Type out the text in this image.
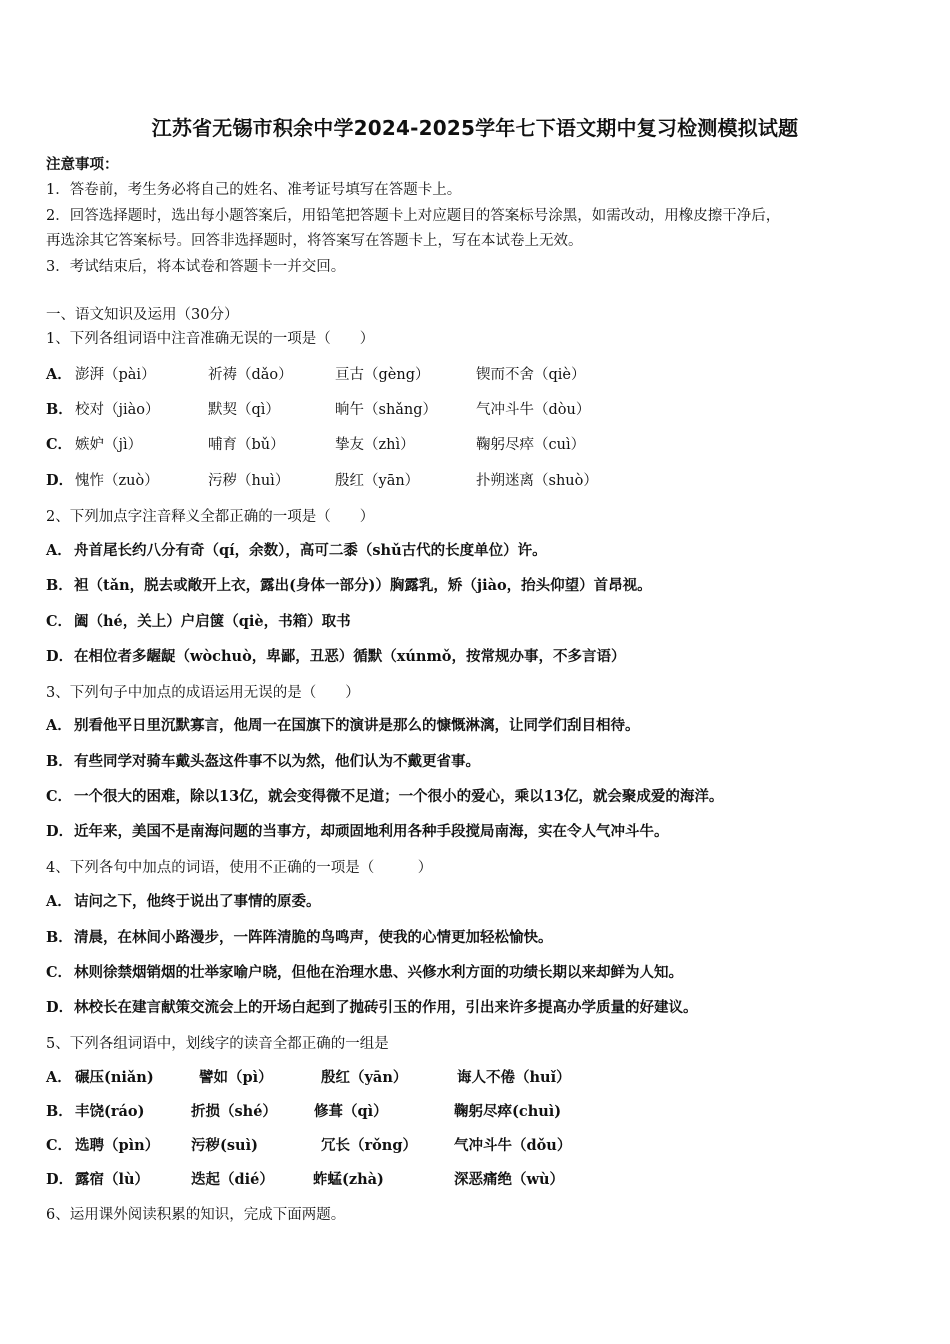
江苏省无锡市积余中学2024-2025学年七下语文期中复习检测模拟试题
注意事项：
1．答卷前，考生务必将自己的姓名、准考证号填写在答题卡上。
2．回答选择题时，选出每小题答案后，用铅笔把答题卡上对应题目的答案标号涂黑，如需改动，用橡皮擦干净后，
再选涂其它答案标号。回答非选择题时，将答案写在答题卡上，写在本试卷上无效。
3．考试结束后，将本试卷和答题卡一并交回。
一、语文知识及运用（30分）
1、下列各组词语中注音准确无误的一项是（　　）
A． 澎湃（pài）	祈祷（dǎo）	亘古（gèng）	锲而不舍（qiè）
B． 校对（jiào）	默契（qì）	晌午（shǎng）	气冲斗牛（dòu）
C． 嫉妒（jì）	哺育（bǔ）	挚友（zhì）	鞠躬尽瘁（cuì）
D． 愧怍（zuò）	污秽（huì）	殷红（yān）	扑朔迷离（shuò）
2、下列加点字注音释义全都正确的一项是（　　）
A． 舟首尾长约八分有奇（qí，余数），高可二黍（shǔ古代的长度单位）许。
B．袒（tǎn，脱去或敞开上衣，露出(身体一部分)）胸露乳，矫（jiào，抬头仰望）首昂视。
C． 阖（hé，关上）户启箧（qiè，书箱）取书
D．在相位者多龌龊（wòchuò，卑鄙，丑恶）循默（xúnmǒ，按常规办事，不多言语）
3、下列句子中加点的成语运用无误的是（　　）
A． 别看他平日里沉默寡言，他周一在国旗下的演讲是那么的慷慨淋漓，让同学们刮目相待。
B．有些同学对骑车戴头盔这件事不以为然，他们认为不戴更省事。
C． 一个很大的困难，除以13亿，就会变得微不足道；一个很小的爱心，乘以13亿，就会聚成爱的海洋。
D．近年来，美国不是南海问题的当事方，却顽固地利用各种手段搅局南海，实在令人气冲斗牛。
4、下列各句中加点的词语，使用不正确的一项是（　　　）
A． 诘问之下，他终于说出了事情的原委。
B．清晨，在林间小路漫步，一阵阵清脆的鸟鸣声，使我的心情更加轻松愉快。
C． 林则徐禁烟销烟的壮举家喻户晓，但他在治理水患、兴修水利方面的功绩长期以来却鲜为人知。
D．林校长在建言献策交流会上的开场白起到了抛砖引玉的作用，引出来许多提高办学质量的好建议。
5、下列各组词语中，划线字的读音全都正确的一组是
A． 碾压(niǎn)	譬如（pì）	殷红（yān）	诲人不倦（huǐ）
B． 丰饶(ráo)	折损（shé）	修葺（qì）	鞠躬尽瘁(chuì)
C． 选聘（pìn） 污秽(suì)	冗长（rǒng）	气冲斗牛（dǒu）
D． 露宿（lù）	迭起（dié）	蚱蜢(zhà)	深恶痛绝（wù）
6、运用课外阅读积累的知识，完成下面两题。
